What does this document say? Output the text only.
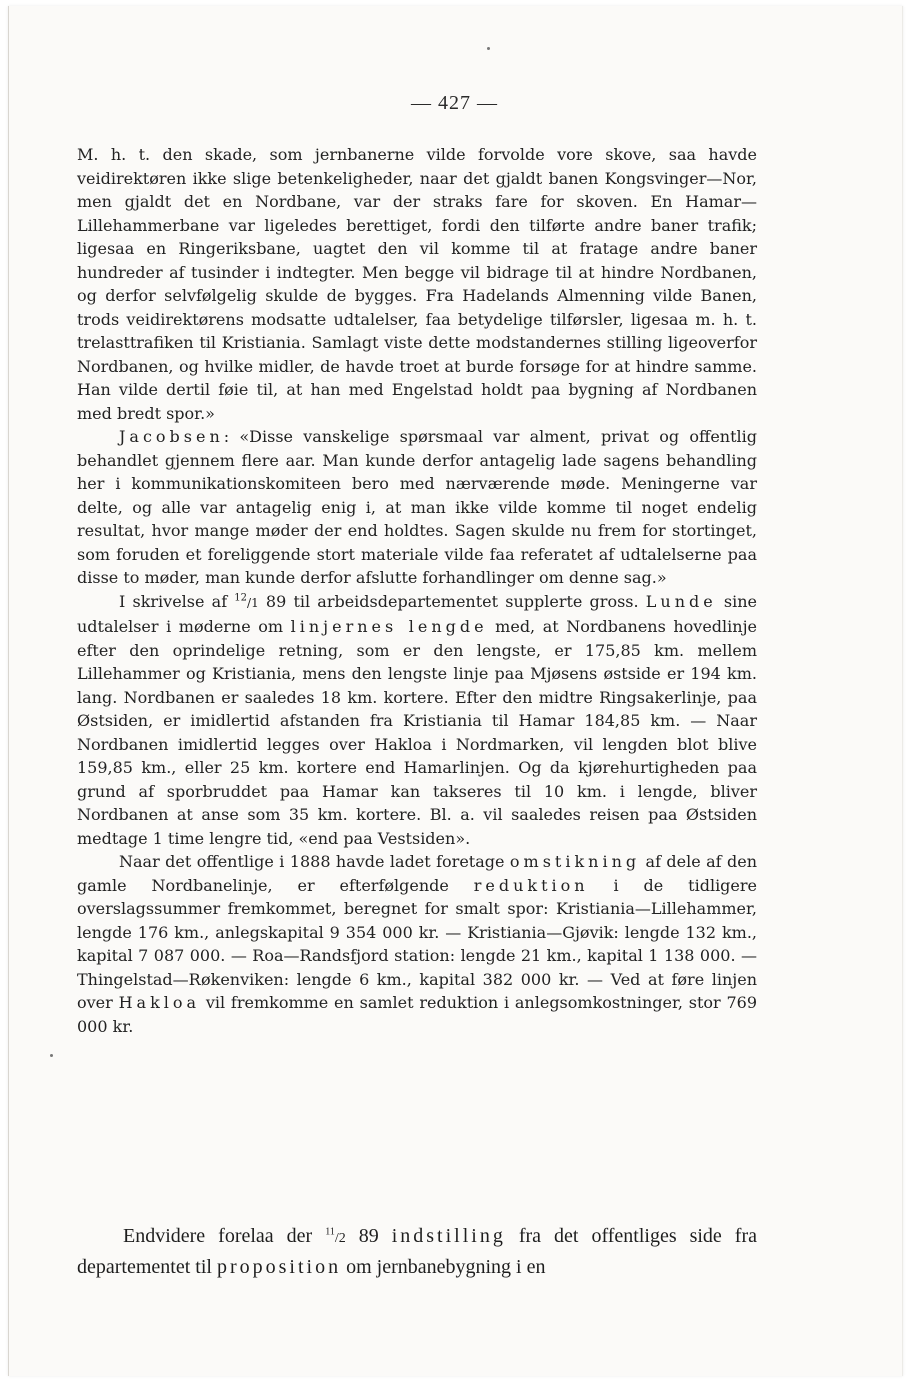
— 427 —

M. h. t. den skade, som jernbanerne vilde forvolde vore skove, saa havde veidirektøren ikke slige betenkeligheder, naar det gjaldt banen Kongsvinger—Nor, men gjaldt det en Nordbane, var der straks fare for skoven. En Hamar—Lillehammerbane var ligeledes berettiget, fordi den tilførte andre baner trafik; ligesaa en Ringeriksbane, uagtet den vil komme til at fratage andre baner hundreder af tusinder i indtegter. Men begge vil bidrage til at hindre Nordbanen, og derfor selvfølgelig skulde de bygges. Fra Hadelands Almenning vilde Banen, trods veidirektørens modsatte udtalelser, faa betydelige tilførsler, ligesaa m. h. t. trelasttrafiken til Kristiania. Samlagt viste dette modstandernes stilling ligeoverfor Nordbanen, og hvilke midler, de havde troet at burde forsøge for at hindre samme. Han vilde dertil føie til, at han med Engelstad holdt paa bygning af Nordbanen med bredt spor.»

Jacobsen: «Disse vanskelige spørsmaal var alment, privat og offentlig behandlet gjennem flere aar. Man kunde derfor antagelig lade sagens behandling her i kommunikationskomiteen bero med nærværende møde. Meningerne var delte, og alle var antagelig enig i, at man ikke vilde komme til noget endelig resultat, hvor mange møder der end holdtes. Sagen skulde nu frem for stortinget, som foruden et foreliggende stort materiale vilde faa referatet af udtalelserne paa disse to møder, man kunde derfor afslutte forhandlinger om denne sag.»

I skrivelse af $^{12}$/1 89 til arbeidsdepartementet supplerte gross. Lunde sine udtalelser i møderne om linjernes lengde med, at Nordbanens hovedlinje efter den oprindelige retning, som er den lengste, er 175,85 km. mellem Lillehammer og Kristiania, mens den lengste linje paa Mjøsens østside er 194 km. lang. Nordbanen er saaledes 18 km. kortere. Efter den midtre Ringsakerlinje, paa Østsiden, er imidlertid afstanden fra Kristiania til Hamar 184,85 km. — Naar Nordbanen imidlertid legges over Hakloa i Nordmarken, vil lengden blot blive 159,85 km., eller 25 km. kortere end Hamarlinjen. Og da kjørehurtigheden paa grund af sporbruddet paa Hamar kan takseres til 10 km. i lengde, bliver Nordbanen at anse som 35 km. kortere. Bl. a. vil saaledes reisen paa Østsiden medtage 1 time lengre tid, «end paa Vestsiden».

Naar det offentlige i 1888 havde ladet foretage omstikning af dele af den gamle Nordbanelinje, er efterfølgende reduktion i de tidligere overslagssummer fremkommet, beregnet for smalt spor: Kristiania—Lillehammer, lengde 176 km., anlegskapital 9 354 000 kr. — Kristiania—Gjøvik: lengde 132 km., kapital 7 087 000. — Roa—Randsfjord station: lengde 21 km., kapital 1 138 000. — Thingelstad—Røkenviken: lengde 6 km., kapital 382 000 kr. — Ved at føre linjen over Hakloa vil fremkomme en samlet reduktion i anlegsomkostninger, stor 769 000 kr.

Endvidere forelaa der $^{11}$/2 89 indstilling fra det offentliges side fra departementet til proposition om jernbanebygning i en
